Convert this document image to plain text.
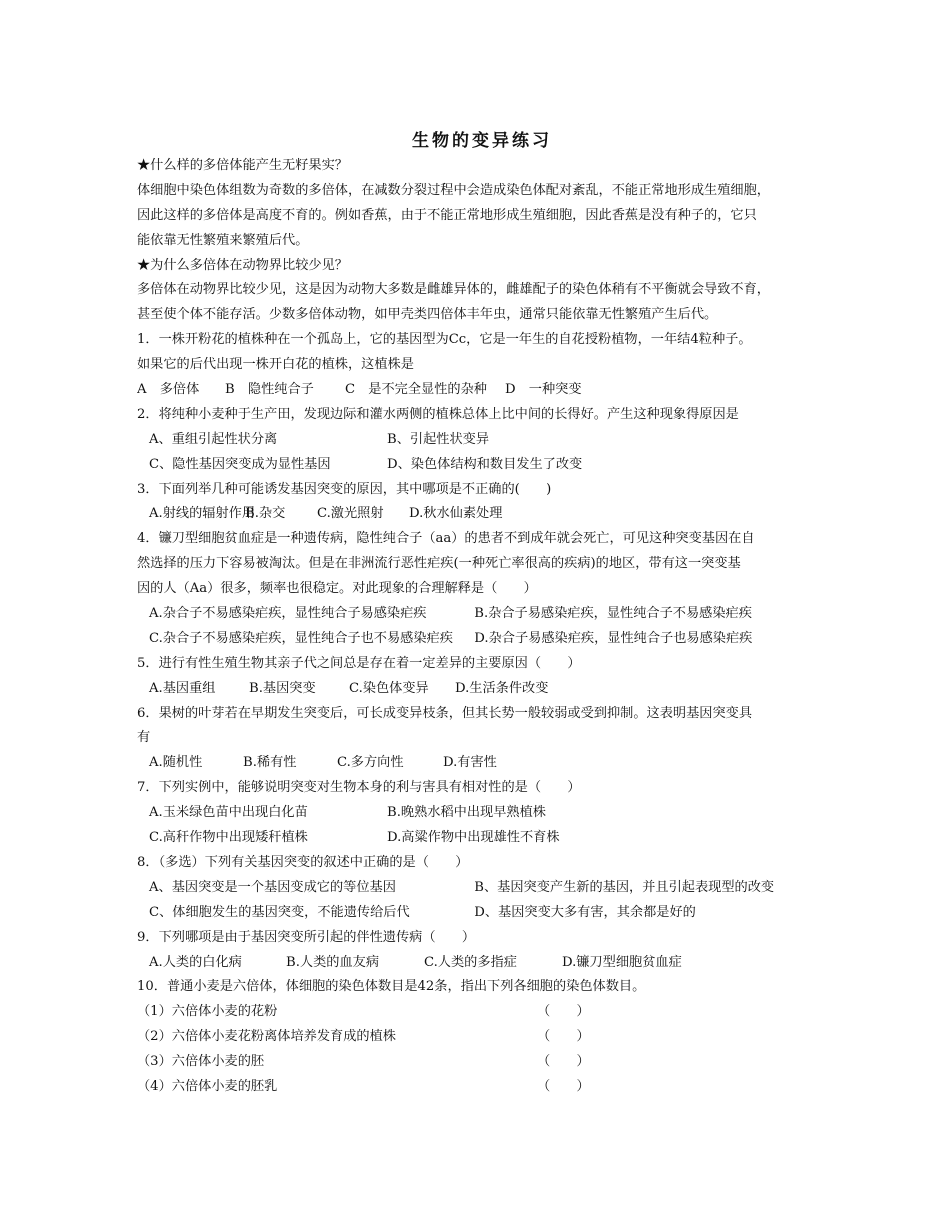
生物的变异练习
★什么样的多倍体能产生无籽果实？
体细胞中染色体组数为奇数的多倍体，在减数分裂过程中会造成染色体配对紊乱，不能正常地形成生殖细胞，
因此这样的多倍体是高度不育的。例如香蕉，由于不能正常地形成生殖细胞，因此香蕉是没有种子的，它只
能依靠无性繁殖来繁殖后代。
★为什么多倍体在动物界比较少见？
多倍体在动物界比较少见，这是因为动物大多数是雌雄异体的，雌雄配子的染色体稍有不平衡就会导致不育，
甚至使个体不能存活。少数多倍体动物，如甲壳类四倍体丰年虫，通常只能依靠无性繁殖产生后代。
1．一株开粉花的植株种在一个孤岛上，它的基因型为Cc，它是一年生的自花授粉植物，一年结4粒种子。
如果它的后代出现一株开白花的植株，这植株是
A　多倍体	B　隐性纯合子	C　是不完全显性的杂种	D　一种突变
2．将纯种小麦种于生产田，发现边际和灌水两侧的植株总体上比中间的长得好。产生这种现象得原因是
A、重组引起性状分离	B、引起性状变异
C、隐性基因突变成为显性基因	D、染色体结构和数目发生了改变
3．下面列举几种可能诱发基因突变的原因，其中哪项是不正确的(　　)
A.射线的辐射作用
B.杂交	C.激光照射	D.秋水仙素处理
4．镰刀型细胞贫血症是一种遗传病，隐性纯合子（aa）的患者不到成年就会死亡，可见这种突变基因在自
然选择的压力下容易被淘汰。但是在非洲流行恶性疟疾(一种死亡率很高的疾病)的地区，带有这一突变基
因的人（Aa）很多，频率也很稳定。对此现象的合理解释是（　　）
A.杂合子不易感染疟疾，显性纯合子易感染疟疾	B.杂合子易感染疟疾，显性纯合子不易感染疟疾
C.杂合子不易感染疟疾，显性纯合子也不易感染疟疾	D.杂合子易感染疟疾，显性纯合子也易感染疟疾
5．进行有性生殖生物其亲子代之间总是存在着一定差异的主要原因（　　）
A.基因重组	B.基因突变	C.染色体变异	D.生活条件改变
6．果树的叶芽若在早期发生突变后，可长成变异枝条，但其长势一般较弱或受到抑制。这表明基因突变具
有
A.随机性	B.稀有性	C.多方向性	D.有害性
7．下列实例中，能够说明突变对生物本身的利与害具有相对性的是（　　）
A.玉米绿色苗中出现白化苗	B.晚熟水稻中出现早熟植株
C.高秆作物中出现矮秆植株	D.高粱作物中出现雄性不育株
8．（多选）下列有关基因突变的叙述中正确的是（　　）
A、基因突变是一个基因变成它的等位基因	B、基因突变产生新的基因，并且引起表现型的改变
C、体细胞发生的基因突变，不能遗传给后代	D、基因突变大多有害，其余都是好的
9．下列哪项是由于基因突变所引起的伴性遗传病（　　）
A.人类的白化病	B.人类的血友病	C.人类的多指症	D.镰刀型细胞贫血症
10．普通小麦是六倍体，体细胞的染色体数目是42条，指出下列各细胞的染色体数目。
（1）六倍体小麦的花粉	（　　）
（2）六倍体小麦花粉离体培养发育成的植株	（　　）
（3）六倍体小麦的胚	（　　）
（4）六倍体小麦的胚乳	（　　）
